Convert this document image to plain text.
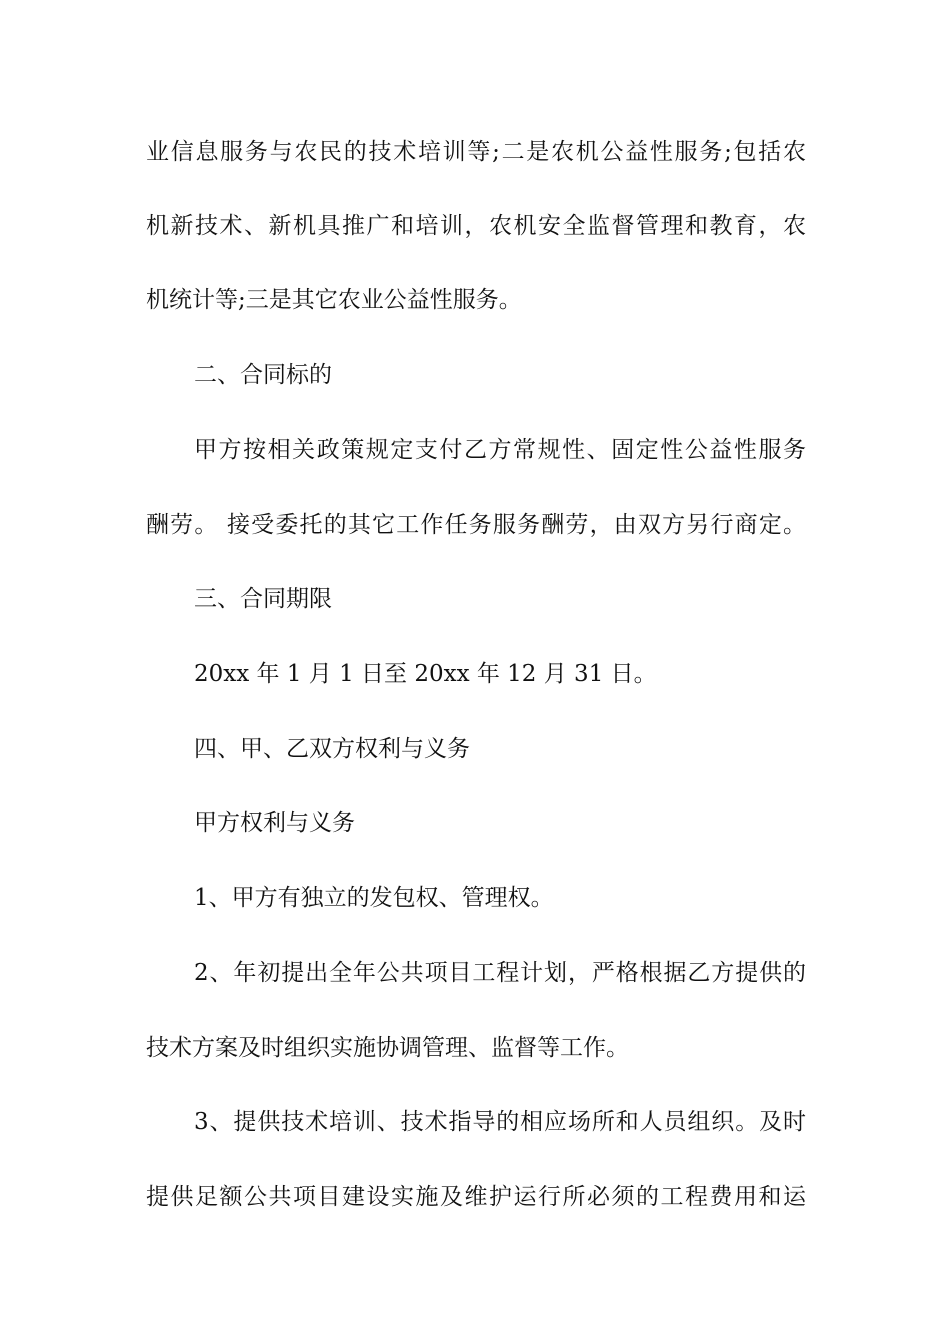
业信息服务与农民的技术培训等;二是农机公益性服务;包括农
机新技术、新机具推广和培训，农机安全监督管理和教育，农
机统计等;三是其它农业公益性服务。
二、合同标的
甲方按相关政策规定支付乙方常规性、固定性公益性服务
酬劳。 接受委托的其它工作任务服务酬劳，由双方另行商定。
三、合同期限
20xx 年 1 月 1 日至 20xx 年 12 月 31 日。
四、甲、乙双方权利与义务
甲方权利与义务
1、甲方有独立的发包权、管理权。
2、年初提出全年公共项目工程计划，严格根据乙方提供的
技术方案及时组织实施协调管理、监督等工作。
3、提供技术培训、技术指导的相应场所和人员组织。及时
提供足额公共项目建设实施及维护运行所必须的工程费用和运
